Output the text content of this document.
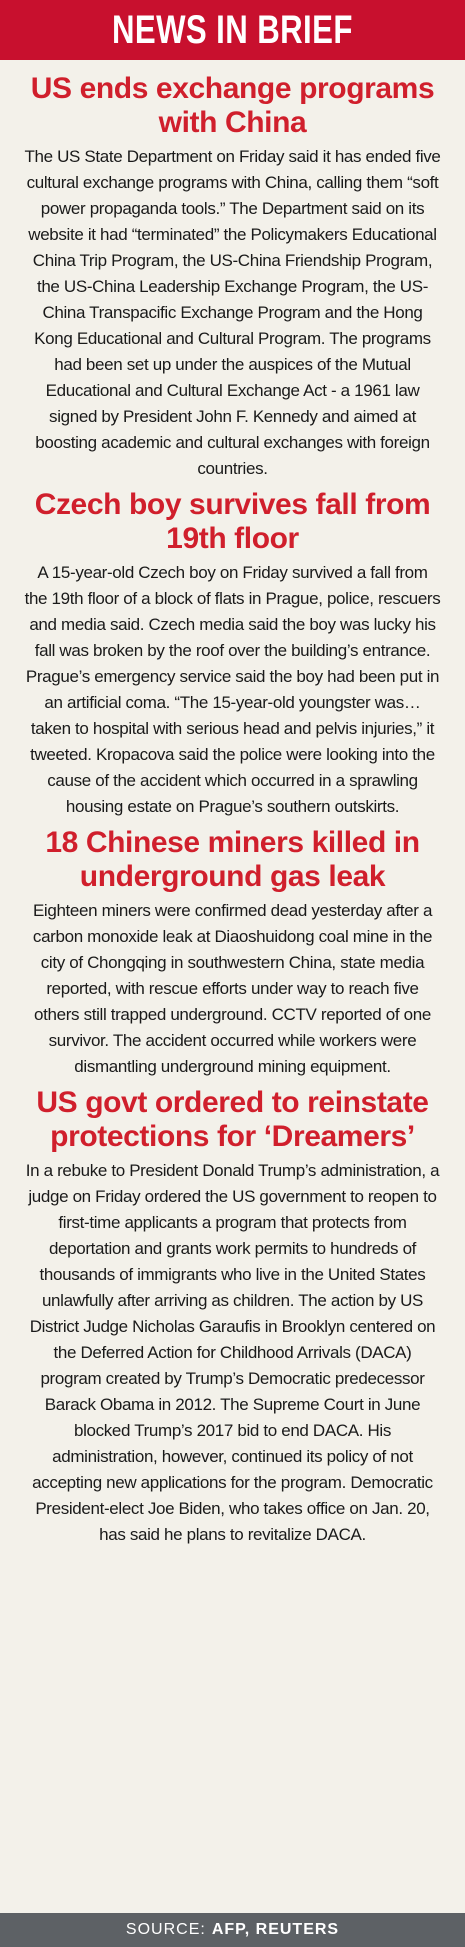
NEWS IN BRIEF
US ends exchange programs with China

The US State Department on Friday said it has ended five cultural exchange programs with China, calling them “soft power propaganda tools.” The Department said on its website it had “terminated” the Policymakers Educational China Trip Program, the US-China Friendship Program, the US-China Leadership Exchange Program, the US-China Transpacific Exchange Program and the Hong Kong Educational and Cultural Program. The programs had been set up under the auspices of the Mutual Educational and Cultural Exchange Act - a 1961 law signed by President John F. Kennedy and aimed at boosting academic and cultural exchanges with foreign countries.

Czech boy survives fall from 19th floor

A 15-year-old Czech boy on Friday survived a fall from the 19th floor of a block of flats in Prague, police, rescuers and media said. Czech media said the boy was lucky his fall was broken by the roof over the building’s entrance. Prague’s emergency service said the boy had been put in an artificial coma. “The 15-year-old youngster was… taken to hospital with serious head and pelvis injuries,” it tweeted. Kropacova said the police were looking into the cause of the accident which occurred in a sprawling housing estate on Prague’s southern outskirts.

18 Chinese miners killed in underground gas leak

Eighteen miners were confirmed dead yesterday after a carbon monoxide leak at Diaoshuidong coal mine in the city of Chongqing in southwestern China, state media reported, with rescue efforts under way to reach five others still trapped underground. CCTV reported of one survivor. The accident occurred while workers were dismantling underground mining equipment.

US govt ordered to reinstate protections for ‘Dreamers’

In a rebuke to President Donald Trump’s administration, a judge on Friday ordered the US government to reopen to first-time applicants a program that protects from deportation and grants work permits to hundreds of thousands of immigrants who live in the United States unlawfully after arriving as children. The action by US District Judge Nicholas Garaufis in Brooklyn centered on the Deferred Action for Childhood Arrivals (DACA) program created by Trump’s Democratic predecessor Barack Obama in 2012. The Supreme Court in June blocked Trump’s 2017 bid to end DACA. His administration, however, continued its policy of not accepting new applications for the program. Democratic President-elect Joe Biden, who takes office on Jan. 20, has said he plans to revitalize DACA.

SOURCE: AFP, REUTERS
